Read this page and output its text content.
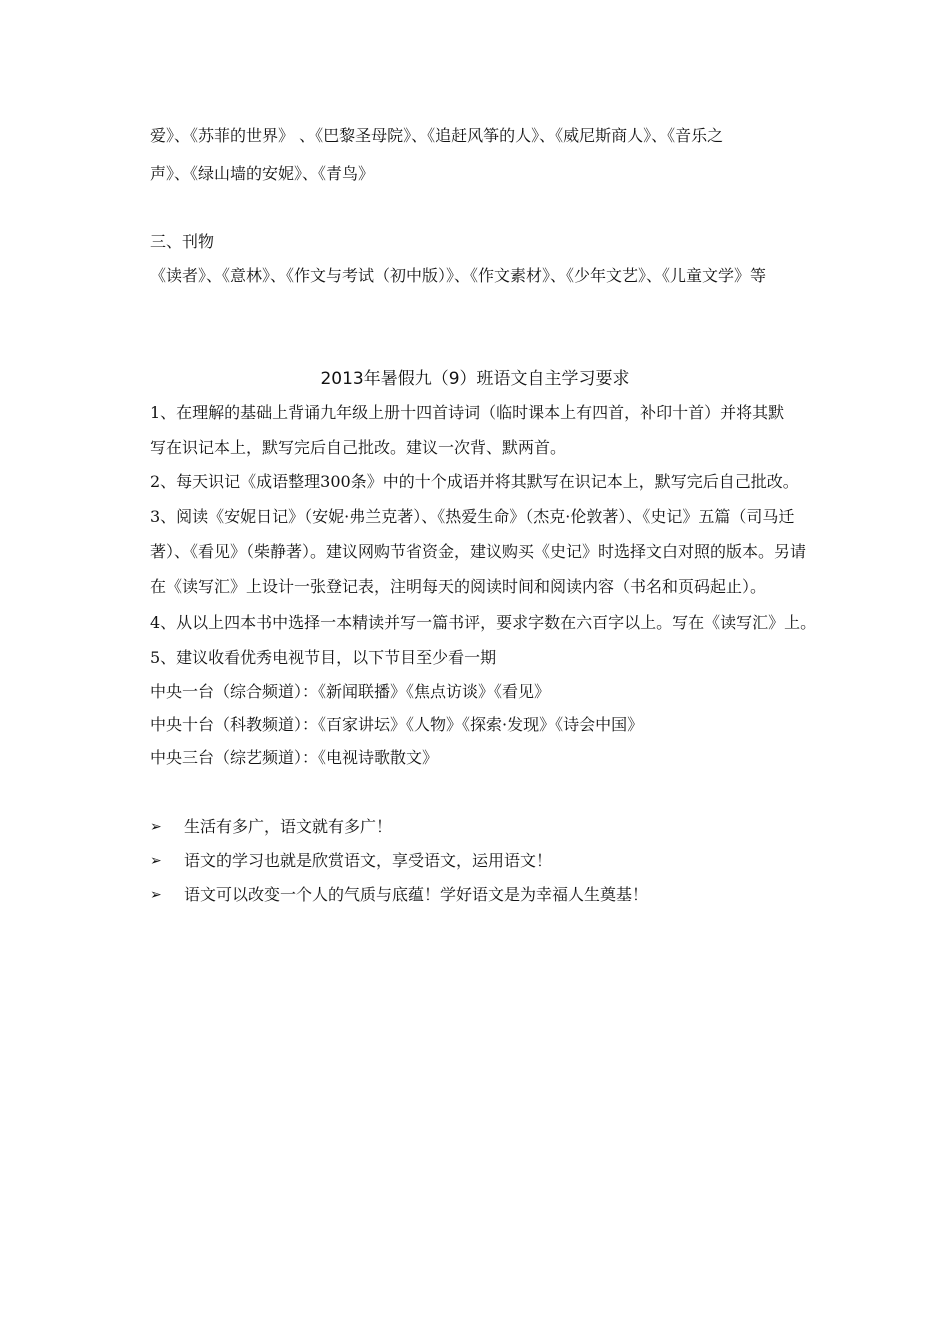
爱》、《苏菲的世界》 、《巴黎圣母院》、《追赶风筝的人》、《威尼斯商人》、《音乐之
声》、《绿山墙的安妮》、《青鸟》
三、刊物
《读者》、《意林》、《作文与考试（初中版）》、《作文素材》、《少年文艺》、《儿童文学》等
2013年暑假九（9）班语文自主学习要求
1、在理解的基础上背诵九年级上册十四首诗词（临时课本上有四首，补印十首）并将其默
写在识记本上，默写完后自己批改。建议一次背、默两首。
2、每天识记《成语整理300条》中的十个成语并将其默写在识记本上，默写完后自己批改。
3、阅读《安妮日记》（安妮·弗兰克著）、《热爱生命》（杰克·伦敦著）、《史记》五篇（司马迁
著）、《看见》（柴静著）。建议网购节省资金，建议购买《史记》时选择文白对照的版本。另请
在《读写汇》上设计一张登记表，注明每天的阅读时间和阅读内容（书名和页码起止）。
4、从以上四本书中选择一本精读并写一篇书评，要求字数在六百字以上。写在《读写汇》上。
5、建议收看优秀电视节目，以下节目至少看一期
中央一台（综合频道）：《新闻联播》《焦点访谈》《看见》
中央十台（科教频道）：《百家讲坛》《人物》《探索·发现》《诗会中国》
中央三台（综艺频道）：《电视诗歌散文》
➢	生活有多广，语文就有多广！
➢	语文的学习也就是欣赏语文，享受语文，运用语文！
➢	语文可以改变一个人的气质与底蕴！学好语文是为幸福人生奠基！
